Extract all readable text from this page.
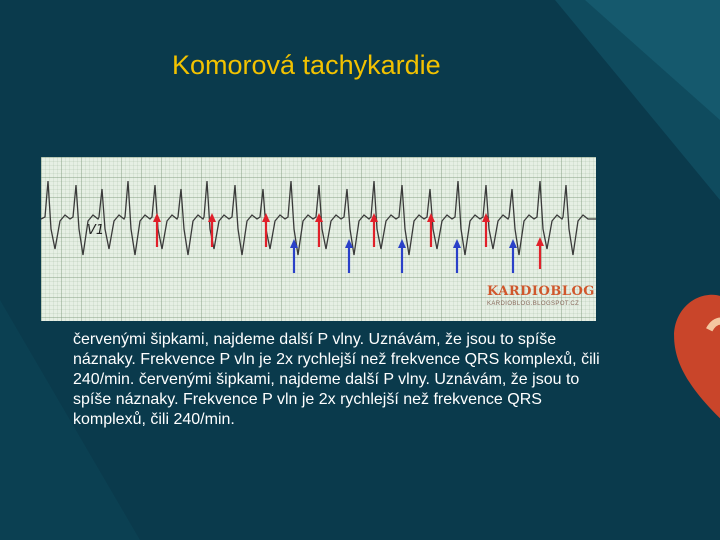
Komorová tachykardie
V1
KARDIOBLOG
KARDIOBLOG.BLOGSPOT.CZ
červenými šipkami, najdeme další P vlny. Uznávám, že jsou to spíše náznaky. Frekvence P vln je 2x rychlejší než frekvence QRS komplexů, čili 240/min. červenými šipkami, najdeme další P vlny. Uznávám, že jsou to spíše náznaky. Frekvence P vln je 2x rychlejší než frekvence QRS komplexů, čili 240/min.
